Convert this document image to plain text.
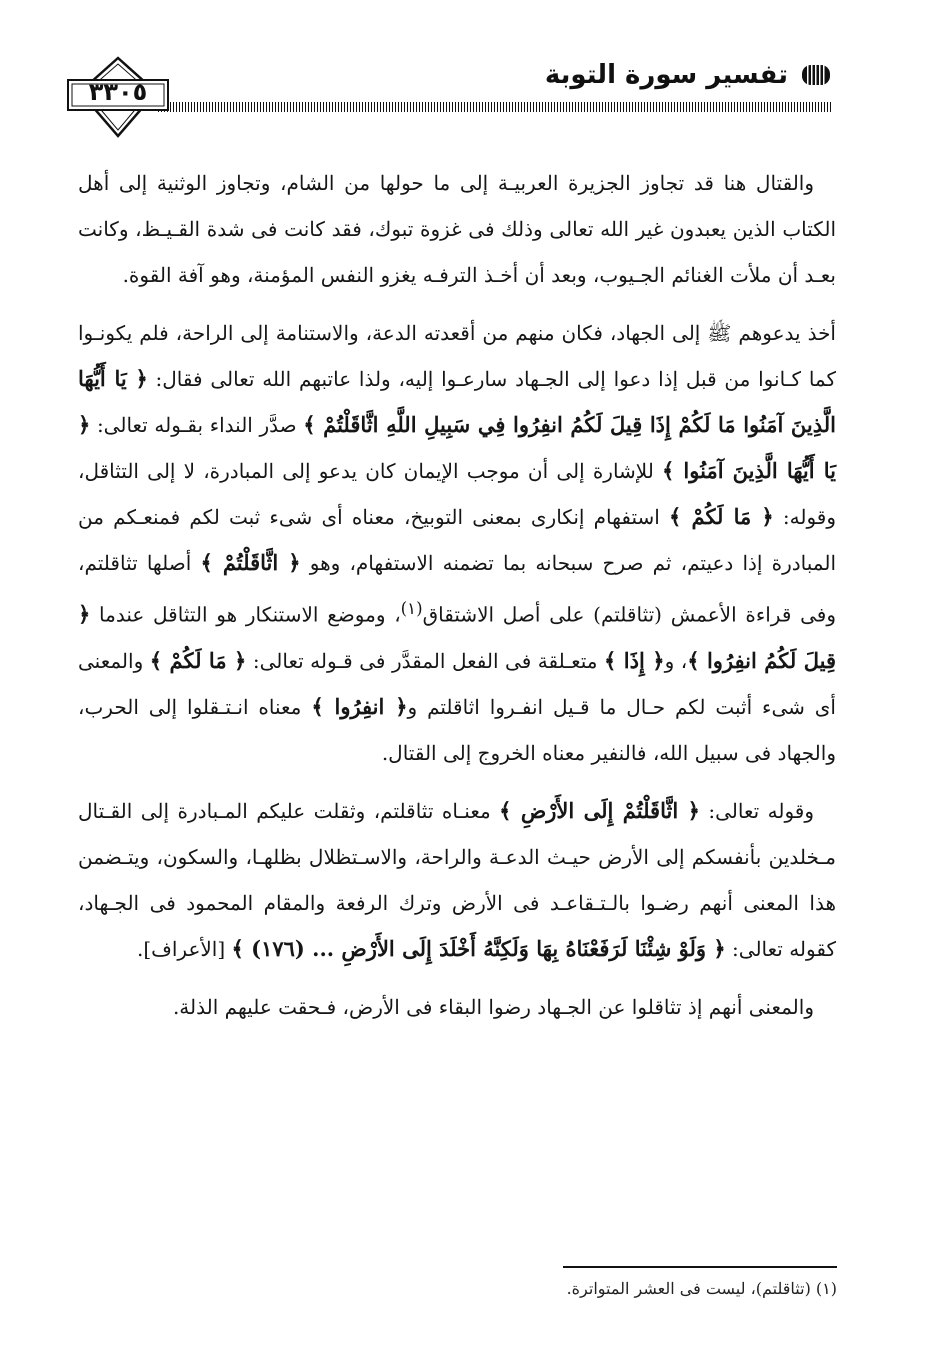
تفسير سورة التوبة
٣٣٠٥

والقتال هنا قد تجاوز الجزيرة العربيـة إلى ما حولها من الشام، وتجاوز الوثنية إلى أهل الكتاب الذين يعبدون غير الله تعالى وذلك فى غزوة تبوك، فقد كانت فى شدة القـيـظ، وكانت بعـد أن ملأت الغنائم الجـيوب، وبعد أن أخـذ الترفـه يغزو النفس المؤمنة، وهو آفة القوة.

أخذ يدعوهم ﷺ إلى الجهاد، فكان منهم من أقعدته الدعة، والاستنامة إلى الراحة، فلم يكونـوا كما كـانوا من قبل إذا دعوا إلى الجـهاد سارعـوا إليه، ولذا عاتبهم الله تعالى فقال: ﴿ يَا أَيُّهَا الَّذِينَ آمَنُوا مَا لَكُمْ إِذَا قِيلَ لَكُمُ انفِرُوا فِي سَبِيلِ اللَّهِ اثَّاقَلْتُمْ ﴾ صدَّر النداء بقـوله تعالى: ﴿ يَا أَيُّهَا الَّذِينَ آمَنُوا ﴾ للإشارة إلى أن موجب الإيمان كان يدعو إلى المبادرة، لا إلى التثاقل، وقوله: ﴿ مَا لَكُمْ ﴾ استفهام إنكارى بمعنى التوبيخ، معناه أى شىء ثبت لكم فمنعـكم من المبادرة إذا دعيتم، ثم صرح سبحانه بما تضمنه الاستفهام، وهو ﴿ اثَّاقَلْتُمْ ﴾ أصلها تثاقلتم، وفى قراءة الأعمش (تثاقلتم) على أصل الاشتقاق$^{(١)}$، وموضع الاستنكار هو التثاقل عندما ﴿ قِيلَ لَكُمُ انفِرُوا ﴾، و﴿ إِذَا ﴾ متعـلقة فى الفعل المقدَّر فى قـوله تعالى: ﴿ مَا لَكُمْ ﴾ والمعنى أى شىء أثبت لكم حـال ما قـيل انفـروا اثاقلتم و﴿ انفِرُوا ﴾ معناه انـتـقلوا إلى الحرب، والجهاد فى سبيل الله، فالنفير معناه الخروج إلى القتال.

وقوله تعالى: ﴿ اثَّاقَلْتُمْ إِلَى الأَرْضِ ﴾ معنـاه تثاقلتم، وثقلت عليكم المـبادرة إلى القـتال مـخلدين بأنفسكم إلى الأرض حيـث الدعـة والراحة، والاسـتظلال بظلهـا، والسكون، ويتـضمن هذا المعنى أنهم رضـوا بالـتـقاعـد فى الأرض وترك الرفعة والمقام المحمود فى الجـهاد، كقوله تعالى: ﴿ وَلَوْ شِئْنَا لَرَفَعْنَاهُ بِهَا وَلَكِنَّهُ أَخْلَدَ إِلَى الأَرْضِ ... (١٧٦) ﴾ [الأعراف].

والمعنى أنهم إذ تثاقلوا عن الجـهاد رضوا البقاء فى الأرض، فـحقت عليهم الذلة.

(١) (تثاقلتم)، ليست فى العشر المتواترة.
